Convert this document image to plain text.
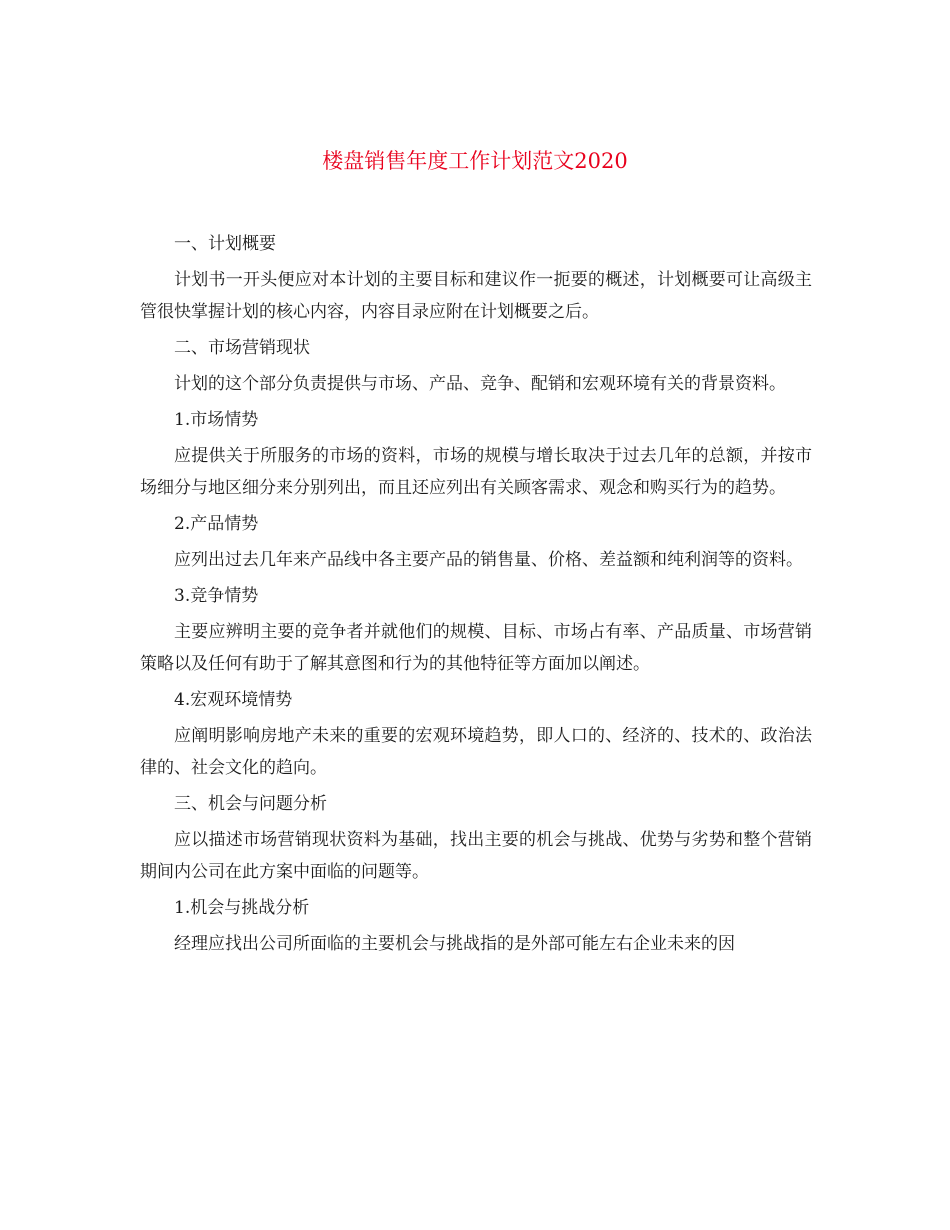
楼盘销售年度工作计划范文2020

一、计划概要

计划书一开头便应对本计划的主要目标和建议作一扼要的概述，计划概要可让高级主管很快掌握计划的核心内容，内容目录应附在计划概要之后。

二、市场营销现状

计划的这个部分负责提供与市场、产品、竞争、配销和宏观环境有关的背景资料。

1.市场情势

应提供关于所服务的市场的资料，市场的规模与增长取决于过去几年的总额，并按市场细分与地区细分来分别列出，而且还应列出有关顾客需求、观念和购买行为的趋势。

2.产品情势

应列出过去几年来产品线中各主要产品的销售量、价格、差益额和纯利润等的资料。

3.竞争情势

主要应辨明主要的竞争者并就他们的规模、目标、市场占有率、产品质量、市场营销策略以及任何有助于了解其意图和行为的其他特征等方面加以阐述。

4.宏观环境情势

应阐明影响房地产未来的重要的宏观环境趋势，即人口的、经济的、技术的、政治法律的、社会文化的趋向。

三、机会与问题分析

应以描述市场营销现状资料为基础，找出主要的机会与挑战、优势与劣势和整个营销期间内公司在此方案中面临的问题等。

1.机会与挑战分析

经理应找出公司所面临的主要机会与挑战指的是外部可能左右企业未来的因
